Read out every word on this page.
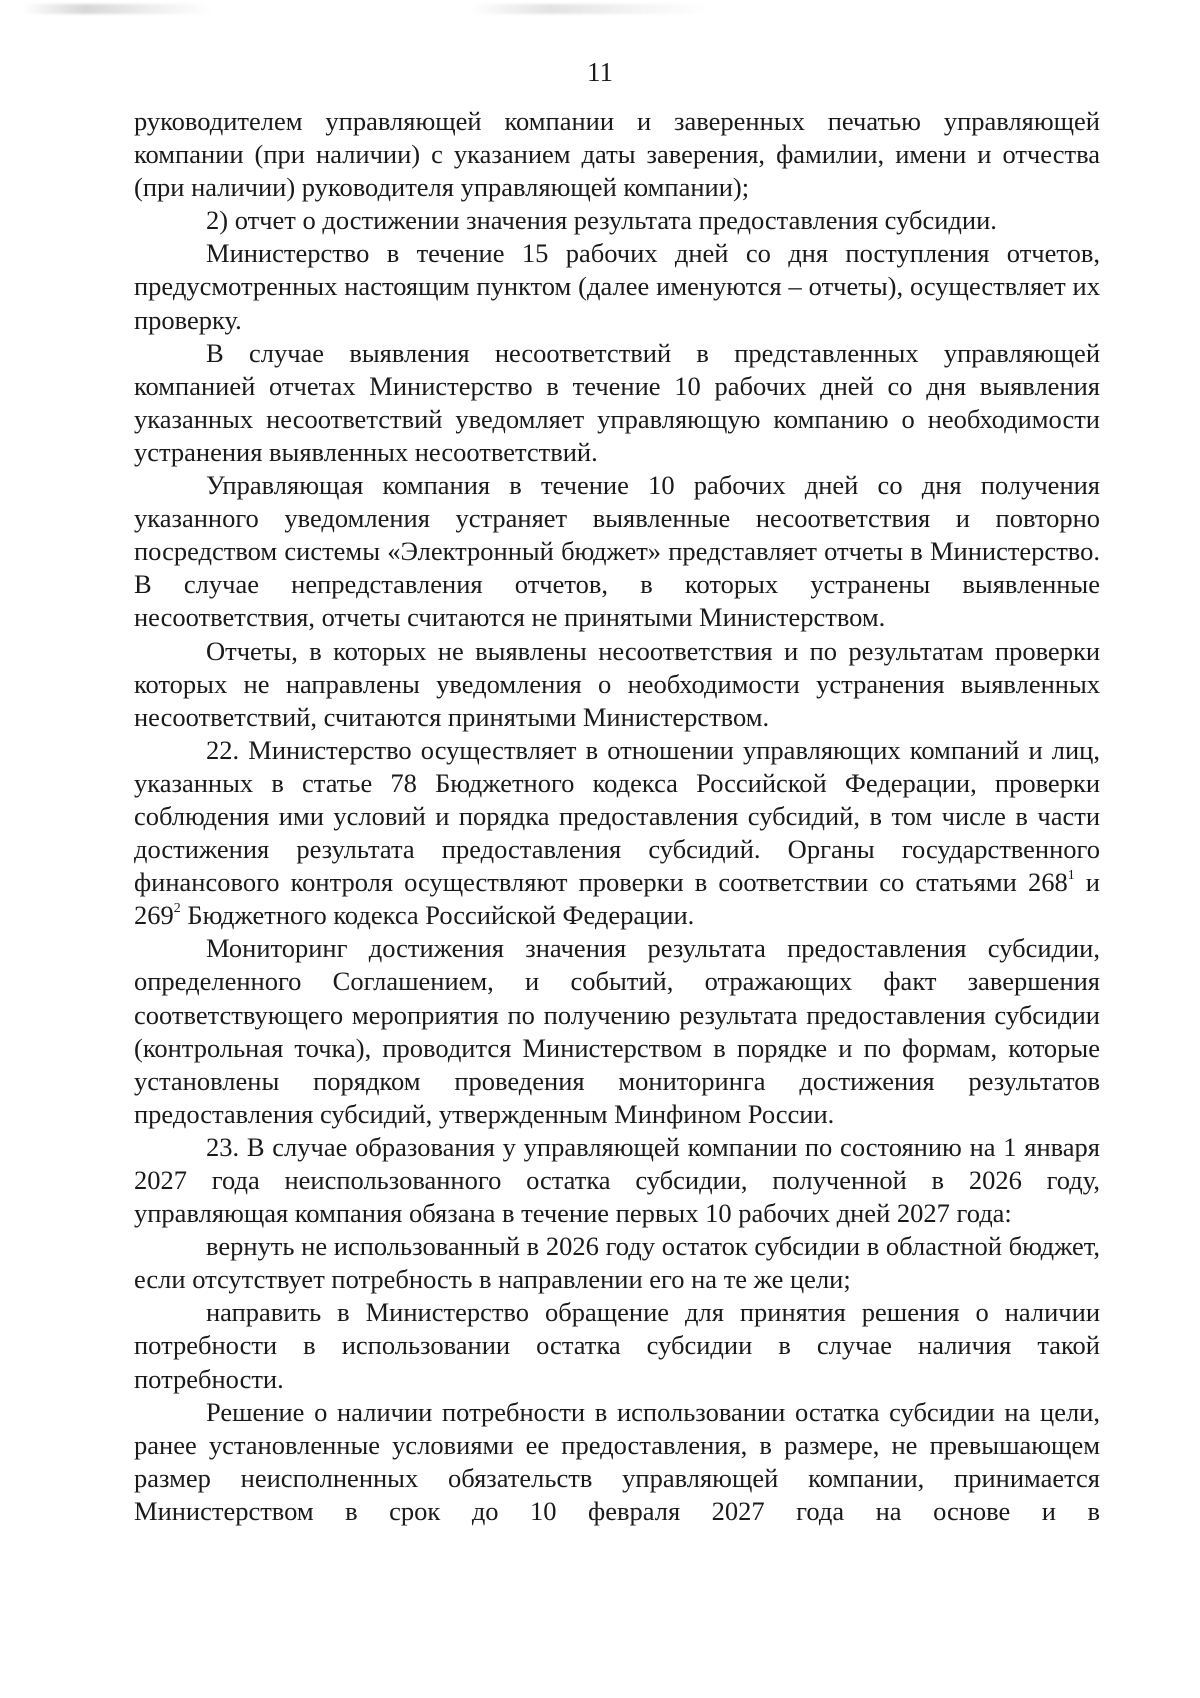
11

руководителем управляющей компании и заверенных печатью управляющей компании (при наличии) с указанием даты заверения, фамилии, имени и отчества (при наличии) руководителя управляющей компании);

2) отчет о достижении значения результата предоставления субсидии.

Министерство в течение 15 рабочих дней со дня поступления отчетов, предусмотренных настоящим пунктом (далее именуются – отчеты), осуществляет их проверку.

В случае выявления несоответствий в представленных управляющей компанией отчетах Министерство в течение 10 рабочих дней со дня выявления указанных несоответствий уведомляет управляющую компанию о необходимости устранения выявленных несоответствий.

Управляющая компания в течение 10 рабочих дней со дня получения указанного уведомления устраняет выявленные несоответствия и повторно посредством системы «Электронный бюджет» представляет отчеты в Министерство. В случае непредставления отчетов, в которых устранены выявленные несоответствия, отчеты считаются не принятыми Министерством.

Отчеты, в которых не выявлены несоответствия и по результатам проверки которых не направлены уведомления о необходимости устранения выявленных несоответствий, считаются принятыми Министерством.

22. Министерство осуществляет в отношении управляющих компаний и лиц, указанных в статье 78 Бюджетного кодекса Российской Федерации, проверки соблюдения ими условий и порядка предоставления субсидий, в том числе в части достижения результата предоставления субсидий. Органы государственного финансового контроля осуществляют проверки в соответствии со статьями $268^1$ и $269^2$ Бюджетного кодекса Российской Федерации.

Мониторинг достижения значения результата предоставления субсидии, определенного Соглашением, и событий, отражающих факт завершения соответствующего мероприятия по получению результата предоставления субсидии (контрольная точка), проводится Министерством в порядке и по формам, которые установлены порядком проведения мониторинга достижения результатов предоставления субсидий, утвержденным Минфином России.

23. В случае образования у управляющей компании по состоянию на 1 января 2027 года неиспользованного остатка субсидии, полученной в 2026 году, управляющая компания обязана в течение первых 10 рабочих дней 2027 года:

вернуть не использованный в 2026 году остаток субсидии в областной бюджет, если отсутствует потребность в направлении его на те же цели;

направить в Министерство обращение для принятия решения о наличии потребности в использовании остатка субсидии в случае наличия такой потребности.

Решение о наличии потребности в использовании остатка субсидии на цели, ранее установленные условиями ее предоставления, в размере, не превышающем размер неисполненных обязательств управляющей компании, принимается Министерством в срок до 10 февраля 2027 года на основе и в
